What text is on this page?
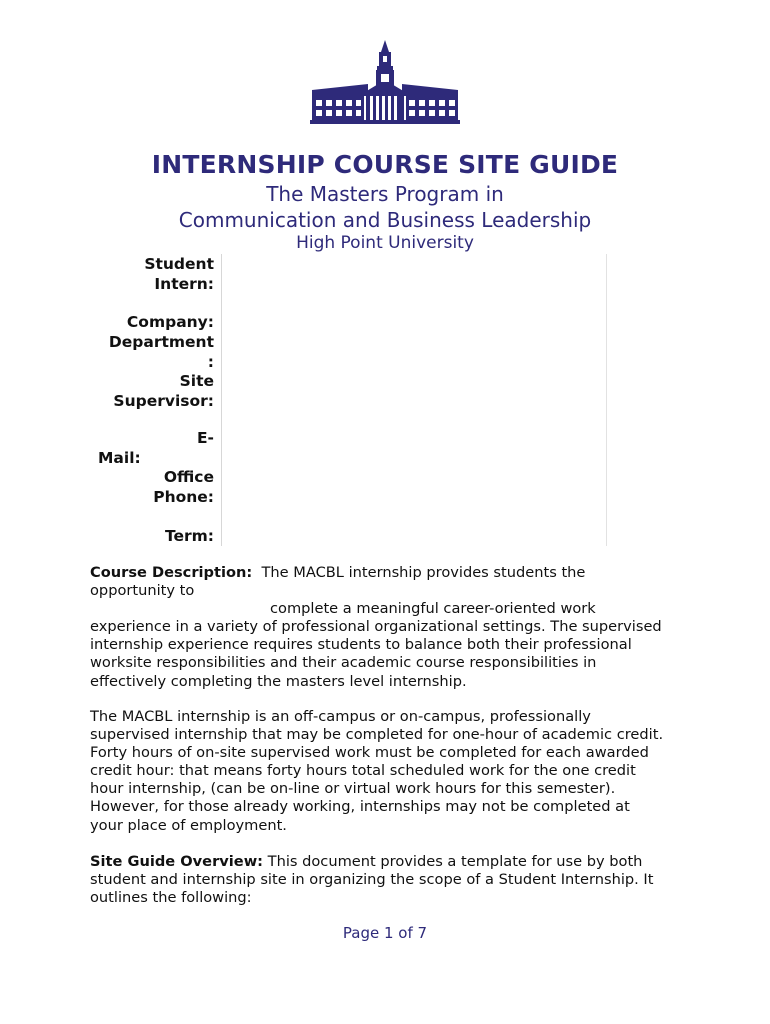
INTERNSHIP COURSE SITE GUIDE
The Masters Program in
Communication and Business Leadership
High Point University
Student
Intern:
Company:
Department
:
Site
Supervisor:
E-
Mail:
Office
Phone:
Term:
Course Description: The MACBL internship provides students the
opportunity to
complete a meaningful career-oriented work
experience in a variety of professional organizational settings. The supervised
internship experience requires students to balance both their professional
worksite responsibilities and their academic course responsibilities in
effectively completing the masters level internship.
The MACBL internship is an off-campus or on-campus, professionally
supervised internship that may be completed for one-hour of academic credit.
Forty hours of on-site supervised work must be completed for each awarded
credit hour: that means forty hours total scheduled work for the one credit
hour internship, (can be on-line or virtual work hours for this semester).
However, for those already working, internships may not be completed at
your place of employment.
Site Guide Overview: This document provides a template for use by both
student and internship site in organizing the scope of a Student Internship. It
outlines the following:
Page 1 of 7
